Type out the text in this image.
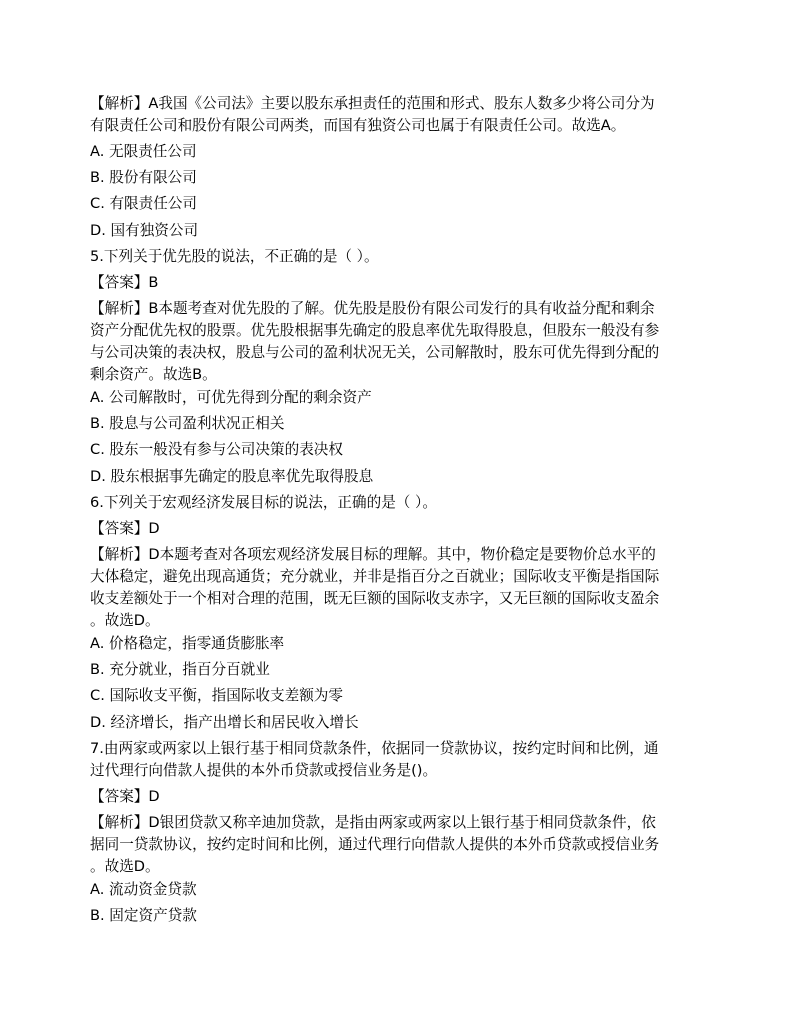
【解析】A我国《公司法》主要以股东承担责任的范围和形式、股东人数多少将公司分为
有限责任公司和股份有限公司两类，而国有独资公司也属于有限责任公司。故选A。
A. 无限责任公司
B. 股份有限公司
C. 有限责任公司
D. 国有独资公司
5.下列关于优先股的说法，不正确的是（ ）。
【答案】B
【解析】B本题考查对优先股的了解。优先股是股份有限公司发行的具有收益分配和剩余
资产分配优先权的股票。优先股根据事先确定的股息率优先取得股息，但股东一般没有参
与公司决策的表决权，股息与公司的盈利状况无关，公司解散时，股东可优先得到分配的
剩余资产。故选B。
A. 公司解散时，可优先得到分配的剩余资产
B. 股息与公司盈利状况正相关
C. 股东一般没有参与公司决策的表决权
D. 股东根据事先确定的股息率优先取得股息
6.下列关于宏观经济发展目标的说法，正确的是（ ）。
【答案】D
【解析】D本题考查对各项宏观经济发展目标的理解。其中，物价稳定是要物价总水平的
大体稳定，避免出现高通货；充分就业，并非是指百分之百就业；国际收支平衡是指国际
收支差额处于一个相对合理的范围，既无巨额的国际收支赤字，又无巨额的国际收支盈余
。故选D。
A. 价格稳定，指零通货膨胀率
B. 充分就业，指百分百就业
C. 国际收支平衡，指国际收支差额为零
D. 经济增长，指产出增长和居民收入增长
7.由两家或两家以上银行基于相同贷款条件，依据同一贷款协议，按约定时间和比例，通
过代理行向借款人提供的本外币贷款或授信业务是()。
【答案】D
【解析】D银团贷款又称辛迪加贷款，是指由两家或两家以上银行基于相同贷款条件，依
据同一贷款协议，按约定时间和比例，通过代理行向借款人提供的本外币贷款或授信业务
。故选D。
A. 流动资金贷款
B. 固定资产贷款
